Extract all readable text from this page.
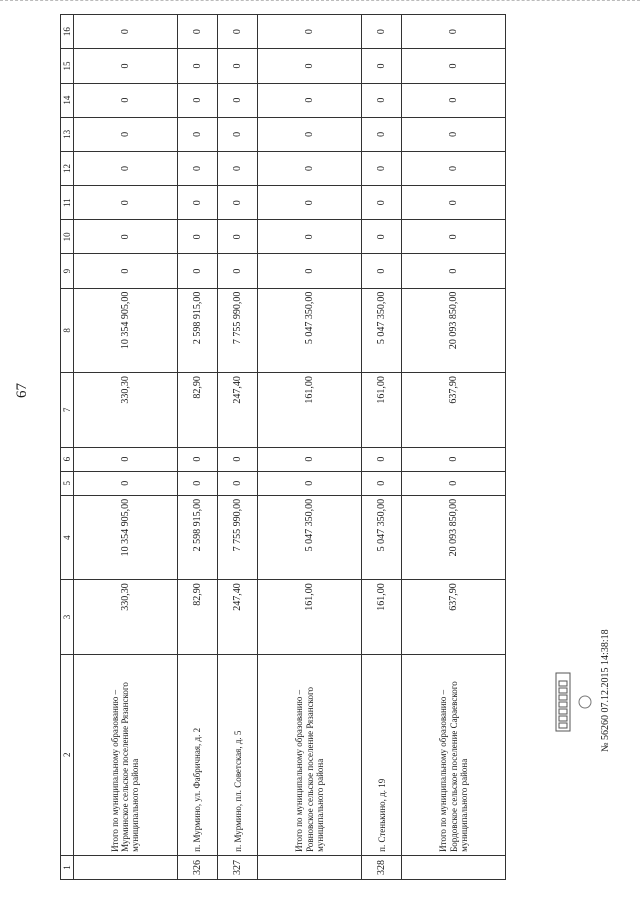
67
1	2	3	4	5	6	7	8	9	10	11	12	13	14	15	16
	Итого по муниципальному образованию – Мурминское сельское поселение Рязанского муниципального района	330,30	10 354 905,00	0	0	330,30	10 354 905,00	0	0	0	0	0	0	0	0
326	п. Мурмино, ул. Фабричная, д. 2	82,90	2 598 915,00	0	0	82,90	2 598 915,00	0	0	0	0	0	0	0	0
327	п. Мурмино, пл. Советская, д. 5	247,40	7 755 990,00	0	0	247,40	7 755 990,00	0	0	0	0	0	0	0	0
	Итого по муниципальному образованию – Ровновское сельское поселение Рязанского муниципального района	161,00	5 047 350,00	0	0	161,00	5 047 350,00	0	0	0	0	0	0	0	0
328	п. Стенькино, д. 19	161,00	5 047 350,00	0	0	161,00	5 047 350,00	0	0	0	0	0	0	0	0
	Итого по муниципальному образованию – Бордовское сельское поселение Сараевского муниципального района	637,90	20 093 850,00	0	0	637,90	20 093 850,00	0	0	0	0	0	0	0	0
№ 56260 07.12.2015 14:38:18
